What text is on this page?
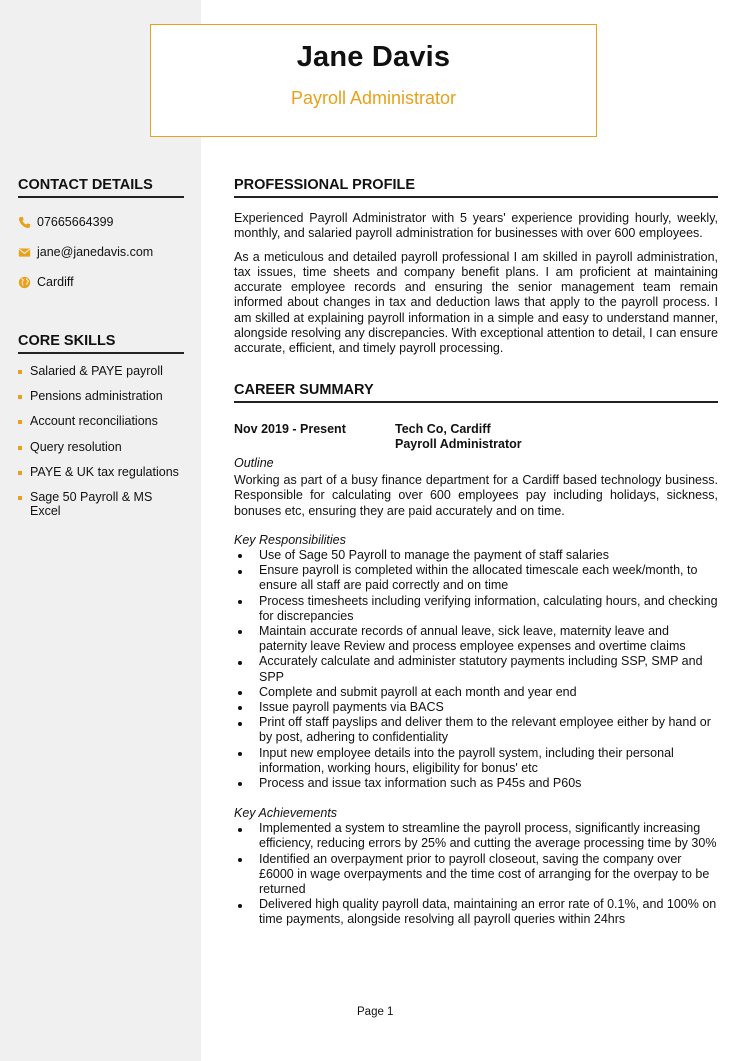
Jane Davis
Payroll Administrator
CONTACT DETAILS
07665664399
jane@janedavis.com
Cardiff
CORE SKILLS
Salaried & PAYE payroll
Pensions administration
Account reconciliations
Query resolution
PAYE & UK tax regulations
Sage 50 Payroll & MS Excel
PROFESSIONAL PROFILE

Experienced Payroll Administrator with 5 years' experience providing hourly, weekly, monthly, and salaried payroll administration for businesses with over 600 employees.

As a meticulous and detailed payroll professional I am skilled in payroll administration, tax issues, time sheets and company benefit plans. I am proficient at maintaining accurate employee records and ensuring the senior management team remain informed about changes in tax and deduction laws that apply to the payroll process. I am skilled at explaining payroll information in a simple and easy to understand manner, alongside resolving any discrepancies. With exceptional attention to detail, I can ensure accurate, efficient, and timely payroll processing.

CAREER SUMMARY
Nov 2019 - Present	Tech Co, Cardiff
Payroll Administrator
Outline

Working as part of a busy finance department for a Cardiff based technology business. Responsible for calculating over 600 employees pay including holidays, sickness, bonuses etc, ensuring they are paid accurately and on time.

Key Responsibilities
Use of Sage 50 Payroll to manage the payment of staff salaries
Ensure payroll is completed within the allocated timescale each week/month, to ensure all staff are paid correctly and on time
Process timesheets including verifying information, calculating hours, and checking for discrepancies
Maintain accurate records of annual leave, sick leave, maternity leave and paternity leave Review and process employee expenses and overtime claims
Accurately calculate and administer statutory payments including SSP, SMP and SPP
Complete and submit payroll at each month and year end
Issue payroll payments via BACS
Print off staff payslips and deliver them to the relevant employee either by hand or by post, adhering to confidentiality
Input new employee details into the payroll system, including their personal information, working hours, eligibility for bonus' etc
Process and issue tax information such as P45s and P60s
Key Achievements
Implemented a system to streamline the payroll process, significantly increasing efficiency, reducing errors by 25% and cutting the average processing time by 30%
Identified an overpayment prior to payroll closeout, saving the company over £6000 in wage overpayments and the time cost of arranging for the overpay to be returned
Delivered high quality payroll data, maintaining an error rate of 0.1%, and 100% on time payments, alongside resolving all payroll queries within 24hrs
Page 1
